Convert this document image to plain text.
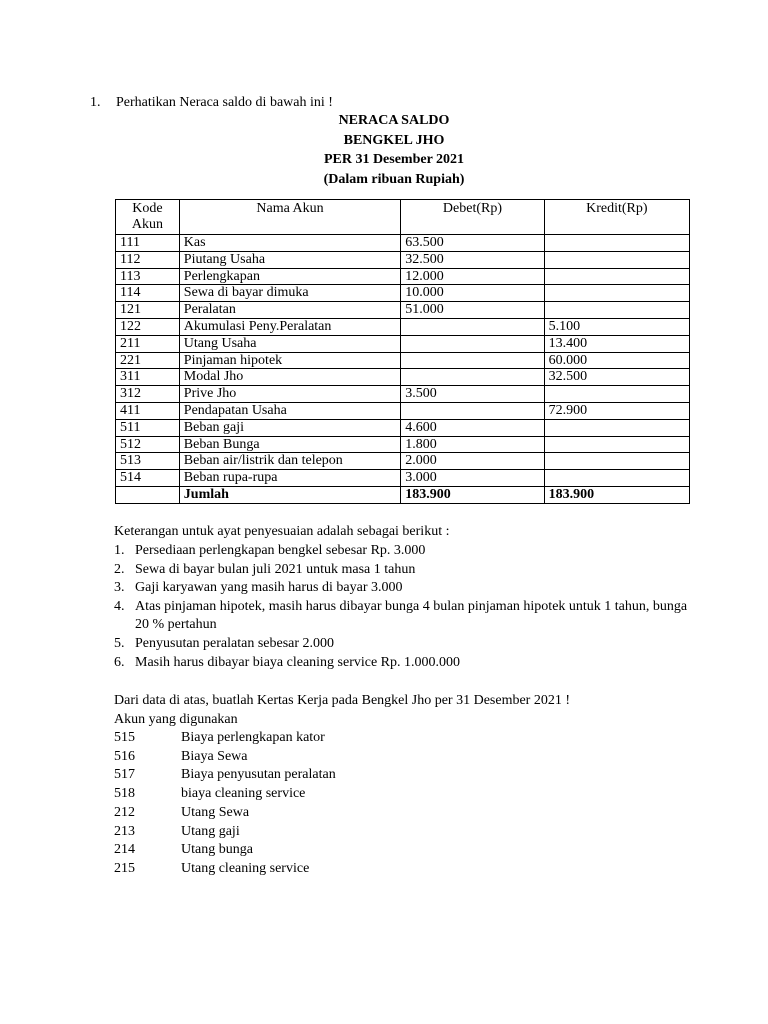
1. Perhatikan Neraca saldo di bawah ini !
NERACA SALDO
BENGKEL JHO
PER 31 Desember 2021
(Dalam ribuan Rupiah)
Kode Akun	Nama Akun	Debet(Rp)	Kredit(Rp)
111	Kas	63.500	
112	Piutang Usaha	32.500	
113	Perlengkapan	12.000	
114	Sewa di bayar dimuka	10.000	
121	Peralatan	51.000	
122	Akumulasi Peny.Peralatan		5.100
211	Utang Usaha		13.400
221	Pinjaman hipotek		60.000
311	Modal Jho		32.500
312	Prive Jho	3.500	
411	Pendapatan Usaha		72.900
511	Beban gaji	4.600	
512	Beban Bunga	1.800	
513	Beban air/listrik dan telepon	2.000	
514	Beban rupa-rupa	3.000	
	Jumlah	183.900	183.900
Keterangan untuk ayat penyesuaian adalah sebagai berikut :
1. Persediaan perlengkapan bengkel sebesar Rp. 3.000
2. Sewa di bayar bulan juli 2021 untuk masa 1 tahun
3. Gaji karyawan yang masih harus di bayar 3.000
4. Atas pinjaman hipotek, masih harus dibayar bunga 4 bulan pinjaman hipotek untuk 1 tahun, bunga 20 % pertahun
5. Penyusutan peralatan sebesar 2.000
6. Masih harus dibayar biaya cleaning service Rp. 1.000.000
Dari data di atas, buatlah Kertas Kerja pada Bengkel Jho per 31 Desember 2021 !
Akun yang digunakan
515	Biaya perlengkapan kator
516	Biaya Sewa
517	Biaya penyusutan peralatan
518	biaya cleaning service
212	Utang Sewa
213	Utang gaji
214	Utang bunga
215	Utang cleaning service
